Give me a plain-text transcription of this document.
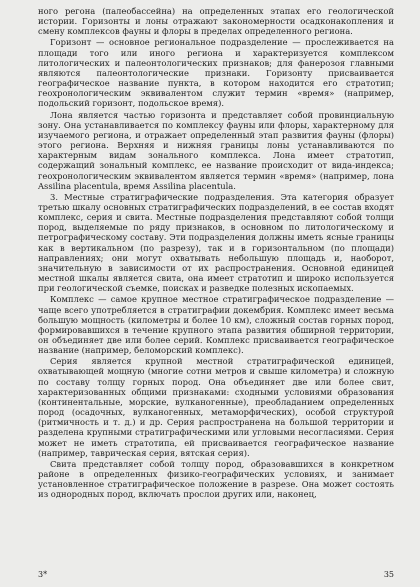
ного регона (палеобассейна) на определенных этапах его геологической истории. Горизонты и лоны отражают закономерности осадконакопления и смену комплексов фауны и флоры в пределах определенного региона.

Горизонт — основное региональное подразделение — прослеживается на площади того или иного региона и характеризуется комплексом литологических и палеонтологических признаков; для фанерозоя главными являются палеонтологические признаки. Горизонту присваивается географическое название пункта, в котором находится его стратотип; геохронологическим эквивалентом служит термин «время» (например, подольский горизонт, подольское время).

Лона является частью горизонта и представляет собой провинциальную зону. Она устанавливается по комплексу фауны или флоры, характерному для изучаемого региона, и отражает определенный этап развития фауны (флоры) этого региона. Верхняя и нижняя границы лоны устанавливаются по характерным видам зонального комплекса. Лона имеет стратотип, содержащий зональный комплекс, ее название происходит от вида-индекса; геохронологическим эквивалентом является термин «время» (например, лона Assilina placentula, время Assilina placentula.

3. Местные стратиграфические подразделения. Эта категория образует третью шкалу основных стратиграфических подразделений, в ее состав входят комплекс, серия и свита. Местные подразделения представляют собой толщи пород, выделяемые по ряду признаков, в основном по литологическому и петрографическому составу. Эти подразделения должны иметь ясные границы как в вертикальном (по разрезу), так и в горизонтальном (по площади) направлениях; они могут охватывать небольшую площадь и, наоборот, значительную в зависимости от их распространения. Основной единицей местной шкалы является свита, она имеет стратотип и широко используется при геологической съемке, поисках и разведке полезных ископаемых.

Комплекс — самое крупное местное стратиграфическое подразделение — чаще всего употребляется в стратиграфии докембрия. Комплекс имеет весьма большую мощность (километры и более 10 км), сложный состав горных пород, формировавшихся в течение крупного этапа развития обширной территории, он объединяет две или более серий. Комплекс присваивается географическое название (например, беломорский комплекс).

Серия является крупной местной стратиграфической единицей, охватывающей мощную (многие сотни метров и свыше километра) и сложную по составу толщу горных пород. Она объединяет две или более свит, характеризованных общими признаками: сходными условиями образования (континентальные, морские, вулканогенные), преобладанием определенных пород (осадочных, вулканогенных, метаморфических), особой структурой (ритмичность и т. д.) и др. Серия распространена на большой территории и разделена крупными стратиграфическими или угловыми несогласиями. Серия может не иметь стратотипа, ей присваивается географическое название (например, таврическая серия, вятская серия).

Свита представляет собой толщу пород, образовавшихся в конкретном районе в определенных физико-географических условиях, и занимает установленное стратиграфическое положение в разрезе. Она может состоять из однородных пород, включать прослои других или, наконец,

3*	35
